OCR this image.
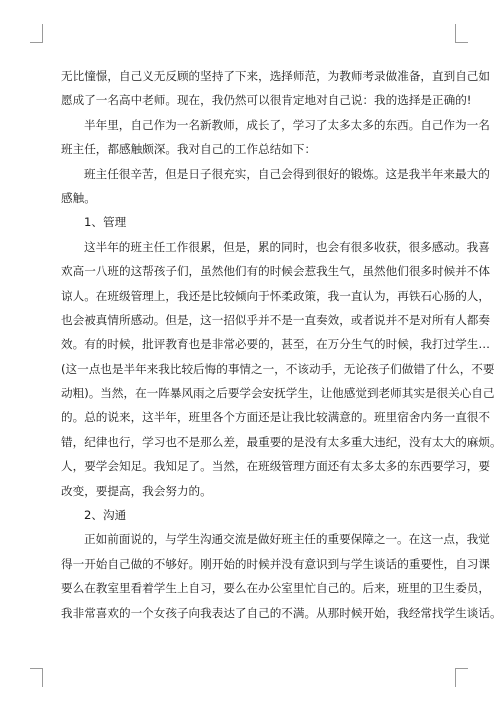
无比憧憬，自己义无反顾的坚持了下来，选择师范，为教师考录做准备，直到自己如
愿成了一名高中老师。现在，我仍然可以很肯定地对自己说：我的选择是正确的!
半年里，自己作为一名新教师，成长了，学习了太多太多的东西。自己作为一名
班主任，都感触颇深。我对自己的工作总结如下：
班主任很辛苦，但是日子很充实，自己会得到很好的锻炼。这是我半年来最大的
感触。
1、管理
这半年的班主任工作很累，但是，累的同时，也会有很多收获，很多感动。我喜
欢高一八班的这帮孩子们，虽然他们有的时候会惹我生气，虽然他们很多时候并不体
谅人。在班级管理上，我还是比较倾向于怀柔政策，我一直认为，再铁石心肠的人，
也会被真情所感动。但是，这一招似乎并不是一直奏效，或者说并不是对所有人都奏
效。有的时候，批评教育也是非常必要的，甚至，在万分生气的时候，我打过学生…
(这一点也是半年来我比较后悔的事情之一，不该动手，无论孩子们做错了什么，不要
动粗)。当然，在一阵暴风雨之后要学会安抚学生，让他感觉到老师其实是很关心自己
的。总的说来，这半年，班里各个方面还是让我比较满意的。班里宿舍内务一直很不
错，纪律也行，学习也不是那么差，最重要的是没有太多重大违纪，没有太大的麻烦。
人，要学会知足。我知足了。当然，在班级管理方面还有太多太多的东西要学习，要
改变，要提高，我会努力的。
2、沟通
正如前面说的，与学生沟通交流是做好班主任的重要保障之一。在这一点，我觉
得一开始自己做的不够好。刚开始的时候并没有意识到与学生谈话的重要性，自习课
要么在教室里看着学生上自习，要么在办公室里忙自己的。后来，班里的卫生委员，
我非常喜欢的一个女孩子向我表达了自己的不满。从那时候开始，我经常找学生谈话。
